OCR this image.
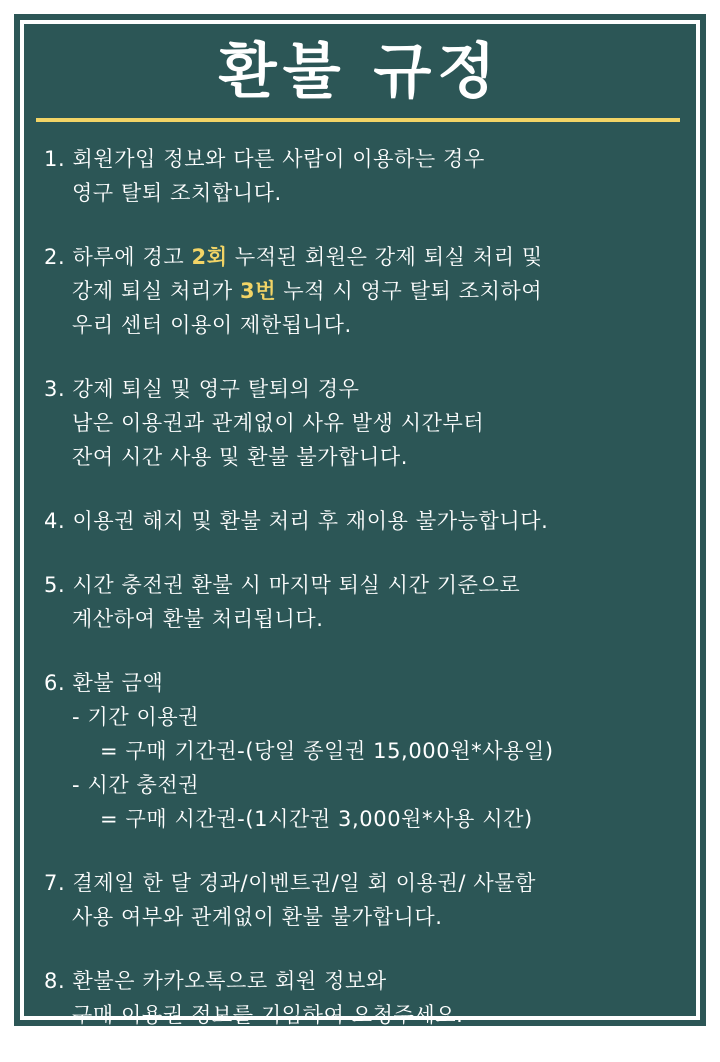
환불 규정
1. 회원가입 정보와 다른 사람이 이용하는 경우
영구 탈퇴 조치합니다.
2. 하루에 경고 2회 누적된 회원은 강제 퇴실 처리 및
강제 퇴실 처리가 3번 누적 시 영구 탈퇴 조치하여
우리 센터 이용이 제한됩니다.
3. 강제 퇴실 및 영구 탈퇴의 경우
남은 이용권과 관계없이 사유 발생 시간부터
잔여 시간 사용 및 환불 불가합니다.
4. 이용권 해지 및 환불 처리 후 재이용 불가능합니다.
5. 시간 충전권 환불 시 마지막 퇴실 시간 기준으로
계산하여 환불 처리됩니다.
6. 환불 금액
- 기간 이용권
= 구매 기간권-(당일 종일권 15,000원*사용일)
- 시간 충전권
= 구매 시간권-(1시간권 3,000원*사용 시간)
7. 결제일 한 달 경과/이벤트권/일 회 이용권/ 사물함
사용 여부와 관계없이 환불 불가합니다.
8. 환불은 카카오톡으로 회원 정보와
구매 이용권 정보를 기입하여 요청주세요.
